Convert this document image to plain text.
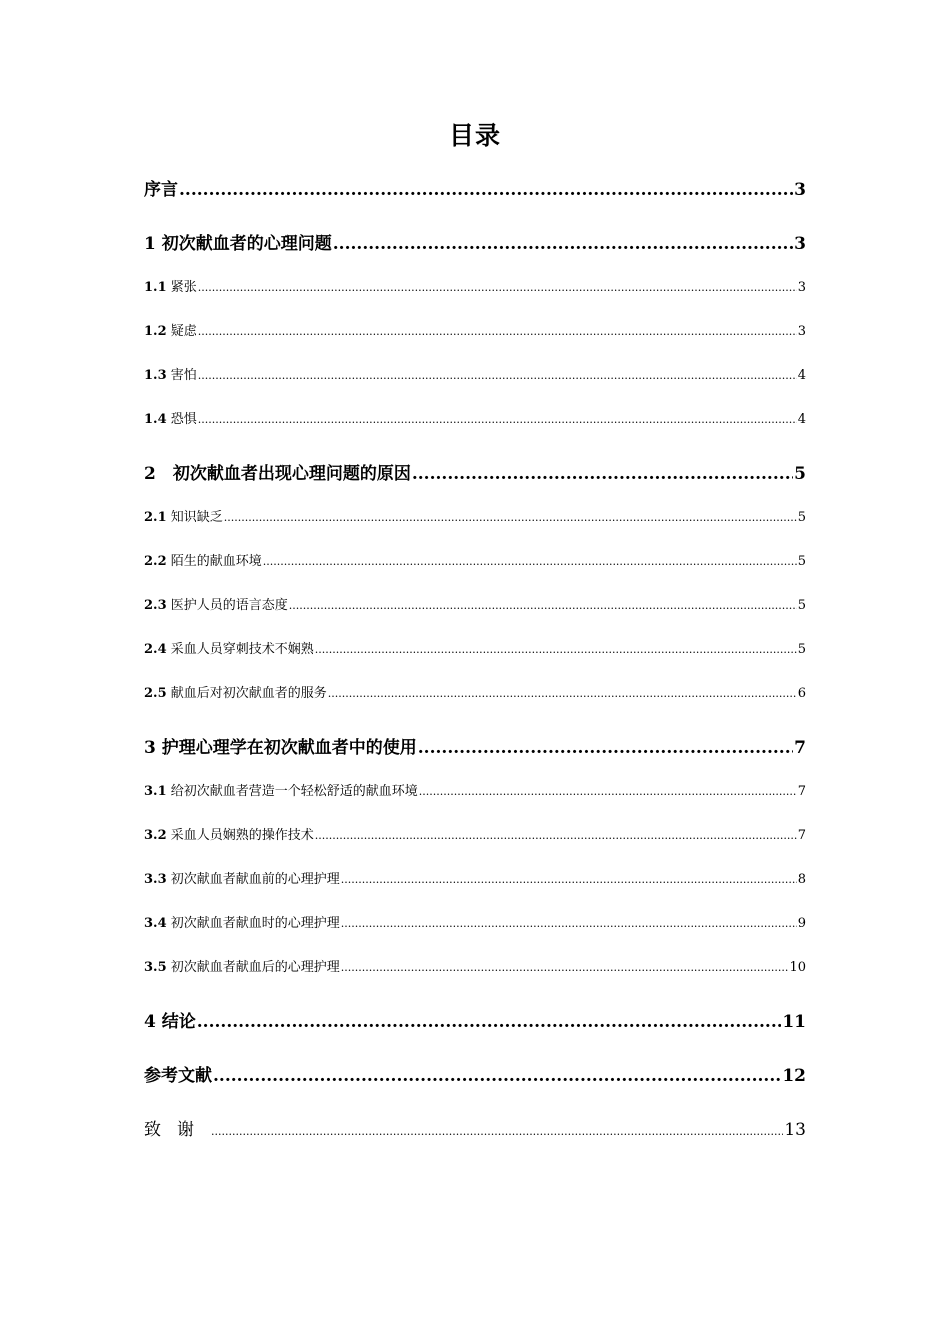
目录
序言 .....	3
1 初次献血者的心理问题 .....	3
1.1 紧张 .....	3
1.2 疑虑 .....	3
1.3 害怕 .....	4
1.4 恐惧 .....	4
2　初次献血者出现心理问题的原因 .....	5
2.1 知识缺乏 .....	5
2.2 陌生的献血环境 .....	5
2.3 医护人员的语言态度 .....	5
2.4 采血人员穿刺技术不娴熟 .....	5
2.5 献血后对初次献血者的服务 .....	6
3 护理心理学在初次献血者中的使用 .....	7
3.1 给初次献血者营造一个轻松舒适的献血环境 .....	7
3.2 采血人员娴熟的操作技术 .....	7
3.3 初次献血者献血前的心理护理 .....	8
3.4 初次献血者献血时的心理护理 .....	9
3.5 初次献血者献血后的心理护理 .....	10
4 结论 .....	11
参考文献 .....	12
致谢 .....	13
